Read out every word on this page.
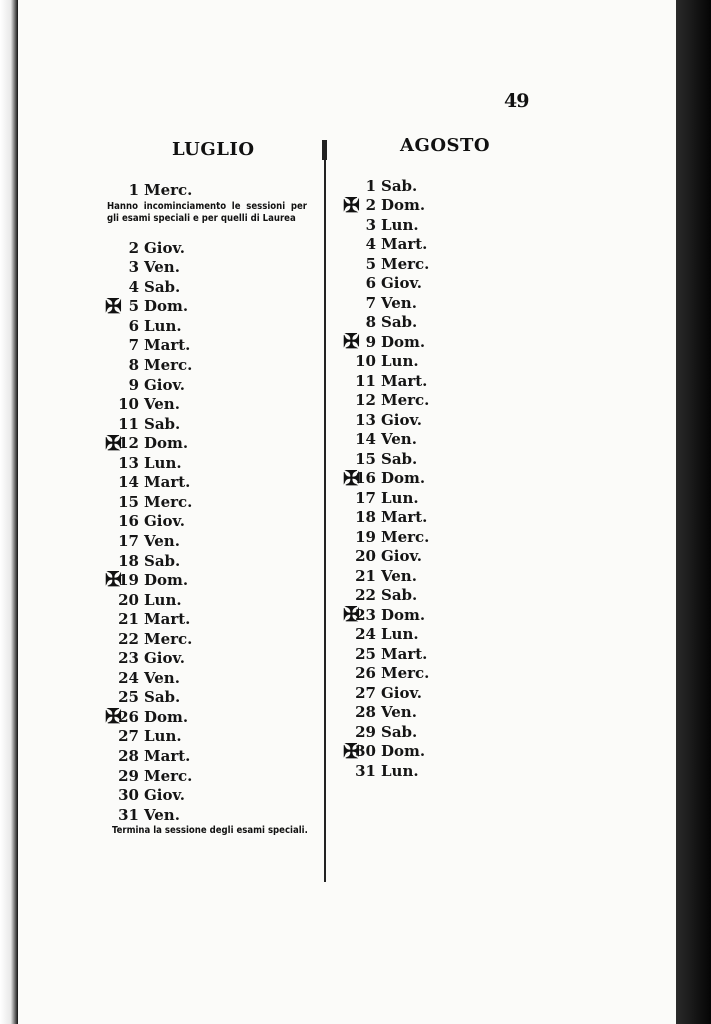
49
LUGLIO	AGOSTO
Hanno incominciamento le sessioni per gli esami speciali e per quelli di Laurea
Termina la sessione degli esami speciali.
1 Merc.
2 Giov.
3 Ven.
4 Sab.
5 Dom.
✠
6 Lun.
7 Mart.
8 Merc.
9 Giov.
10 Ven.
11 Sab.
12 Dom.
✠
13 Lun.
14 Mart.
15 Merc.
16 Giov.
17 Ven.
18 Sab.
19 Dom.
✠
20 Lun.
21 Mart.
22 Merc.
23 Giov.
24 Ven.
25 Sab.
26 Dom.
✠
27 Lun.
28 Mart.
29 Merc.
30 Giov.
31 Ven.
1 Sab.
2 Dom.
✠
3 Lun.
4 Mart.
5 Merc.
6 Giov.
7 Ven.
8 Sab.
9 Dom.
✠
10 Lun.
11 Mart.
12 Merc.
13 Giov.
14 Ven.
15 Sab.
16 Dom.
✠
17 Lun.
18 Mart.
19 Merc.
20 Giov.
21 Ven.
22 Sab.
23 Dom.
✠
24 Lun.
25 Mart.
26 Merc.
27 Giov.
28 Ven.
29 Sab.
30 Dom.
✠
31 Lun.
